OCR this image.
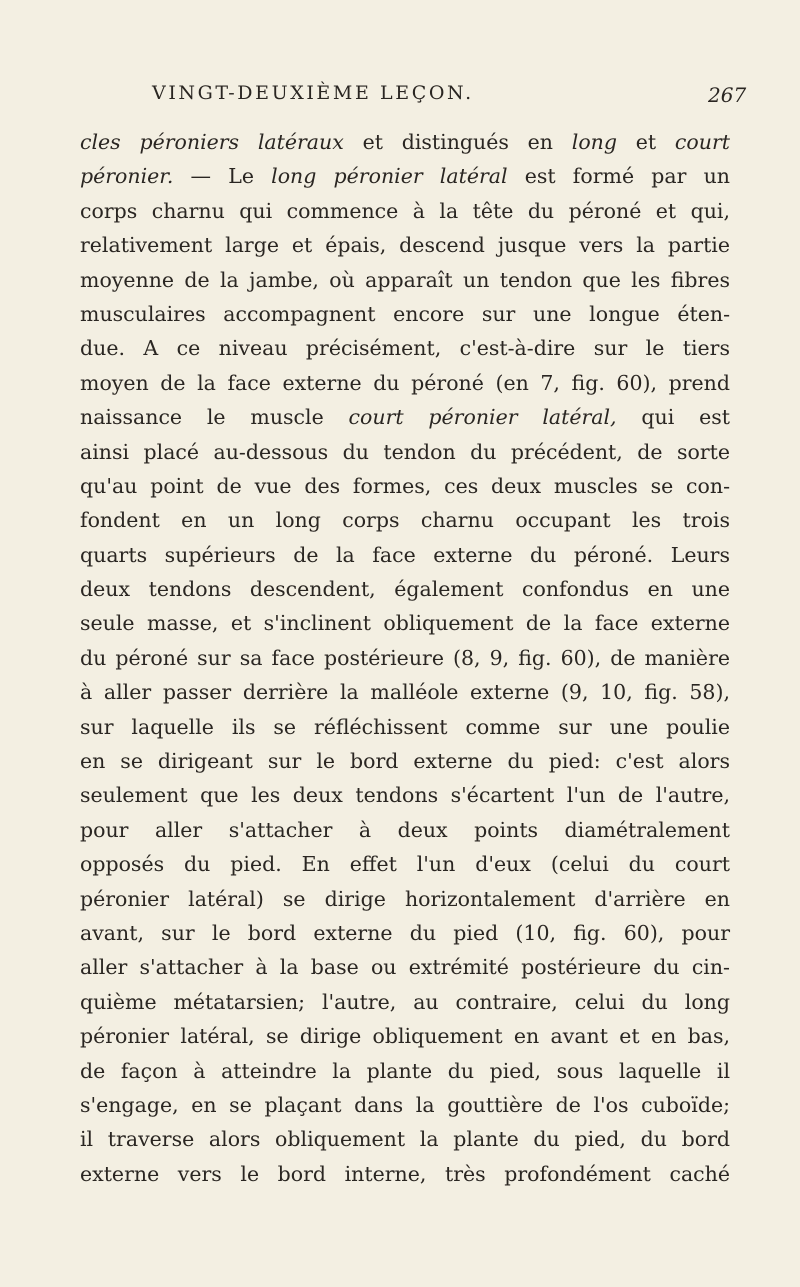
VINGT-DEUXIÈME LEÇON.	267
cles péroniers latéraux et distingués en long et court
péronier. — Le long péronier latéral est formé par un
corps charnu qui commence à la tête du péroné et qui,
relativement large et épais, descend jusque vers la partie
moyenne de la jambe, où apparaît un tendon que les fibres
musculaires accompagnent encore sur une longue éten-
due. A ce niveau précisément, c'est-à-dire sur le tiers
moyen de la face externe du péroné (en 7, fig. 60), prend
naissance le muscle court péronier latéral, qui est
ainsi placé au-dessous du tendon du précédent, de sorte
qu'au point de vue des formes, ces deux muscles se con-
fondent en un long corps charnu occupant les trois
quarts supérieurs de la face externe du péroné. Leurs
deux tendons descendent, également confondus en une
seule masse, et s'inclinent obliquement de la face externe
du péroné sur sa face postérieure (8, 9, fig. 60), de manière
à aller passer derrière la malléole externe (9, 10, fig. 58),
sur laquelle ils se réfléchissent comme sur une poulie
en se dirigeant sur le bord externe du pied: c'est alors
seulement que les deux tendons s'écartent l'un de l'autre,
pour aller s'attacher à deux points diamétralement
opposés du pied. En effet l'un d'eux (celui du court
péronier latéral) se dirige horizontalement d'arrière en
avant, sur le bord externe du pied (10, fig. 60), pour
aller s'attacher à la base ou extrémité postérieure du cin-
quième métatarsien; l'autre, au contraire, celui du long
péronier latéral, se dirige obliquement en avant et en bas,
de façon à atteindre la plante du pied, sous laquelle il
s'engage, en se plaçant dans la gouttière de l'os cuboïde;
il traverse alors obliquement la plante du pied, du bord
externe vers le bord interne, très profondément caché
